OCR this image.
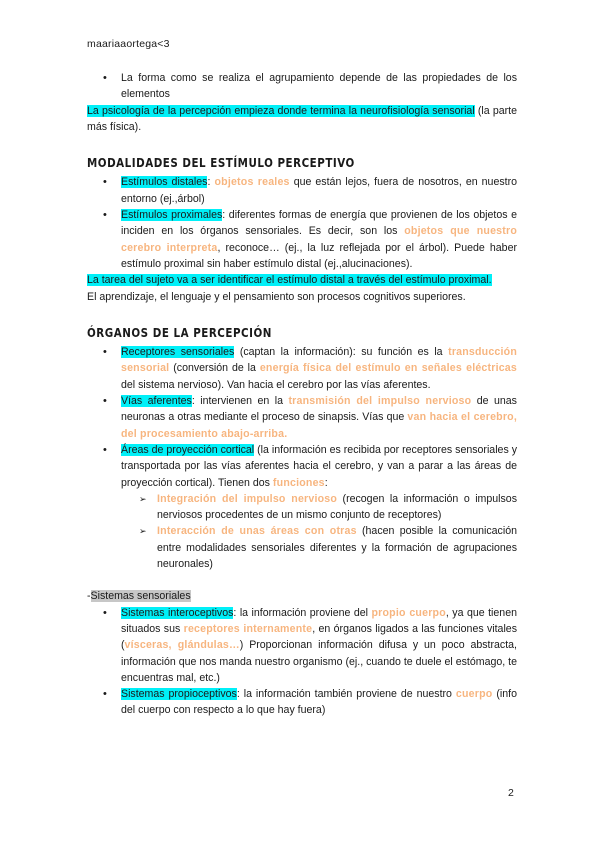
maariaaortega<3

• La forma como se realiza el agrupamiento depende de las propiedades de los elementos

La psicología de la percepción empieza donde termina la neurofisiología sensorial (la parte más física).

MODALIDADES DEL ESTÍMULO PERCEPTIVO

• Estímulos distales: objetos reales que están lejos, fuera de nosotros, en nuestro entorno (ej.,árbol)

• Estímulos proximales: diferentes formas de energía que provienen de los objetos e inciden en los órganos sensoriales. Es decir, son los objetos que nuestro cerebro interpreta, reconoce… (ej., la luz reflejada por el árbol). Puede haber estímulo proximal sin haber estímulo distal (ej.,alucinaciones).

La tarea del sujeto va a ser identificar el estímulo distal a través del estímulo proximal.

El aprendizaje, el lenguaje y el pensamiento son procesos cognitivos superiores.

ÓRGANOS DE LA PERCEPCIÓN

• Receptores sensoriales (captan la información): su función es la transducción sensorial (conversión de la energía física del estímulo en señales eléctricas del sistema nervioso). Van hacia el cerebro por las vías aferentes.

• Vías aferentes: intervienen en la transmisión del impulso nervioso de unas neuronas a otras mediante el proceso de sinapsis. Vías que van hacia el cerebro, del procesamiento abajo-arriba.

• Áreas de proyección cortical (la información es recibida por receptores sensoriales y transportada por las vías aferentes hacia el cerebro, y van a parar a las áreas de proyección cortical). Tienen dos funciones:

➢ Integración del impulso nervioso (recogen la información o impulsos nerviosos procedentes de un mismo conjunto de receptores)

➢ Interacción de unas áreas con otras (hacen posible la comunicación entre modalidades sensoriales diferentes y la formación de agrupaciones neuronales)

-Sistemas sensoriales

• Sistemas interoceptivos: la información proviene del propio cuerpo, ya que tienen situados sus receptores internamente, en órganos ligados a las funciones vitales (vísceras, glándulas…) Proporcionan información difusa y un poco abstracta, información que nos manda nuestro organismo (ej., cuando te duele el estómago, te encuentras mal, etc.)

• Sistemas propioceptivos: la información también proviene de nuestro cuerpo (info del cuerpo con respecto a lo que hay fuera)

2
